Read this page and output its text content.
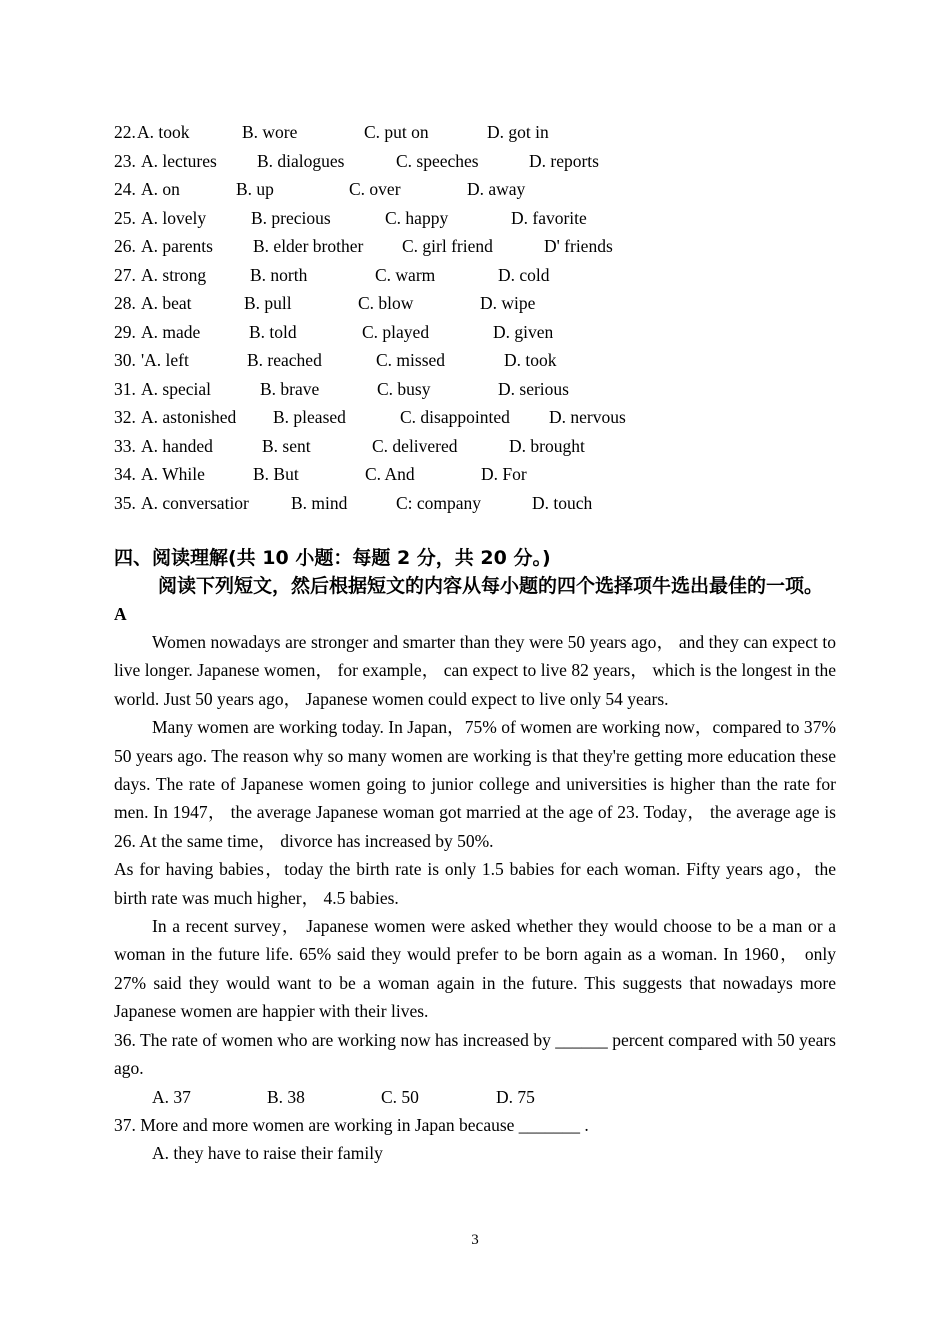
22. A. took	B. wore	C. put on	D. got in
23. A. lectures B. dialogues	C. speeches	D. reports
24. A. on	B. up	C. over	D. away
25. A. lovely	B. precious	C. happy	D. favorite
26. A. parents B. elder brother C. girl friend	D' friends
27. A. strong	B. north	C. warm	D. cold
28. A. beat	B. pull	C. blow	D. wipe
29. A. made	B. told	C. played	D. given
30. 'A. left	B. reached	C. missed	D. took
31. A. special	B. brave	C. busy	D. serious
32. A. astonished B. pleased	C. disappointed D. nervous
33. A. handed	B. sent	C. delivered	D. brought
34. A. While	B. But	C. And	D. For
35. A. conversatior B. mind	C: company	D. touch
四、阅读理解(共 10 小题：每题 2 分，共 20 分。)
阅读下列短文，然后根据短文的内容从每小题的四个选择项牛选出最佳的一项。
A

Women nowadays are stronger and smarter than they were 50 years ago， and they can expect to live longer. Japanese women， for example， can expect to live 82 years， which is the longest in the world. Just 50 years ago， Japanese women could expect to live only 54 years.

Many women are working today. In Japan，75% of women are working now，compared to 37% 50 years ago. The reason why so many women are working is that they're getting more education these days. The rate of Japanese women going to junior college and universities is higher than the rate for men. In 1947， the average Japanese woman got married at the age of 23. Today， the average age is 26. At the same time， divorce has increased by 50%.

As for having babies，today the birth rate is only 1.5 babies for each woman. Fifty years ago，the birth rate was much higher， 4.5 babies.

In a recent survey， Japanese women were asked whether they would choose to be a man or a woman in the future life. 65% said they would prefer to be born again as a woman. In 1960， only 27% said they would want to be a woman again in the future. This suggests that nowadays more Japanese women are happier with their lives.

36. The rate of women who are working now has increased by ______ percent compared with 50 years ago.

A. 37	B. 38	C. 50	D. 75

37. More and more women are working in Japan because _______ .

A. they have to raise their family
3
